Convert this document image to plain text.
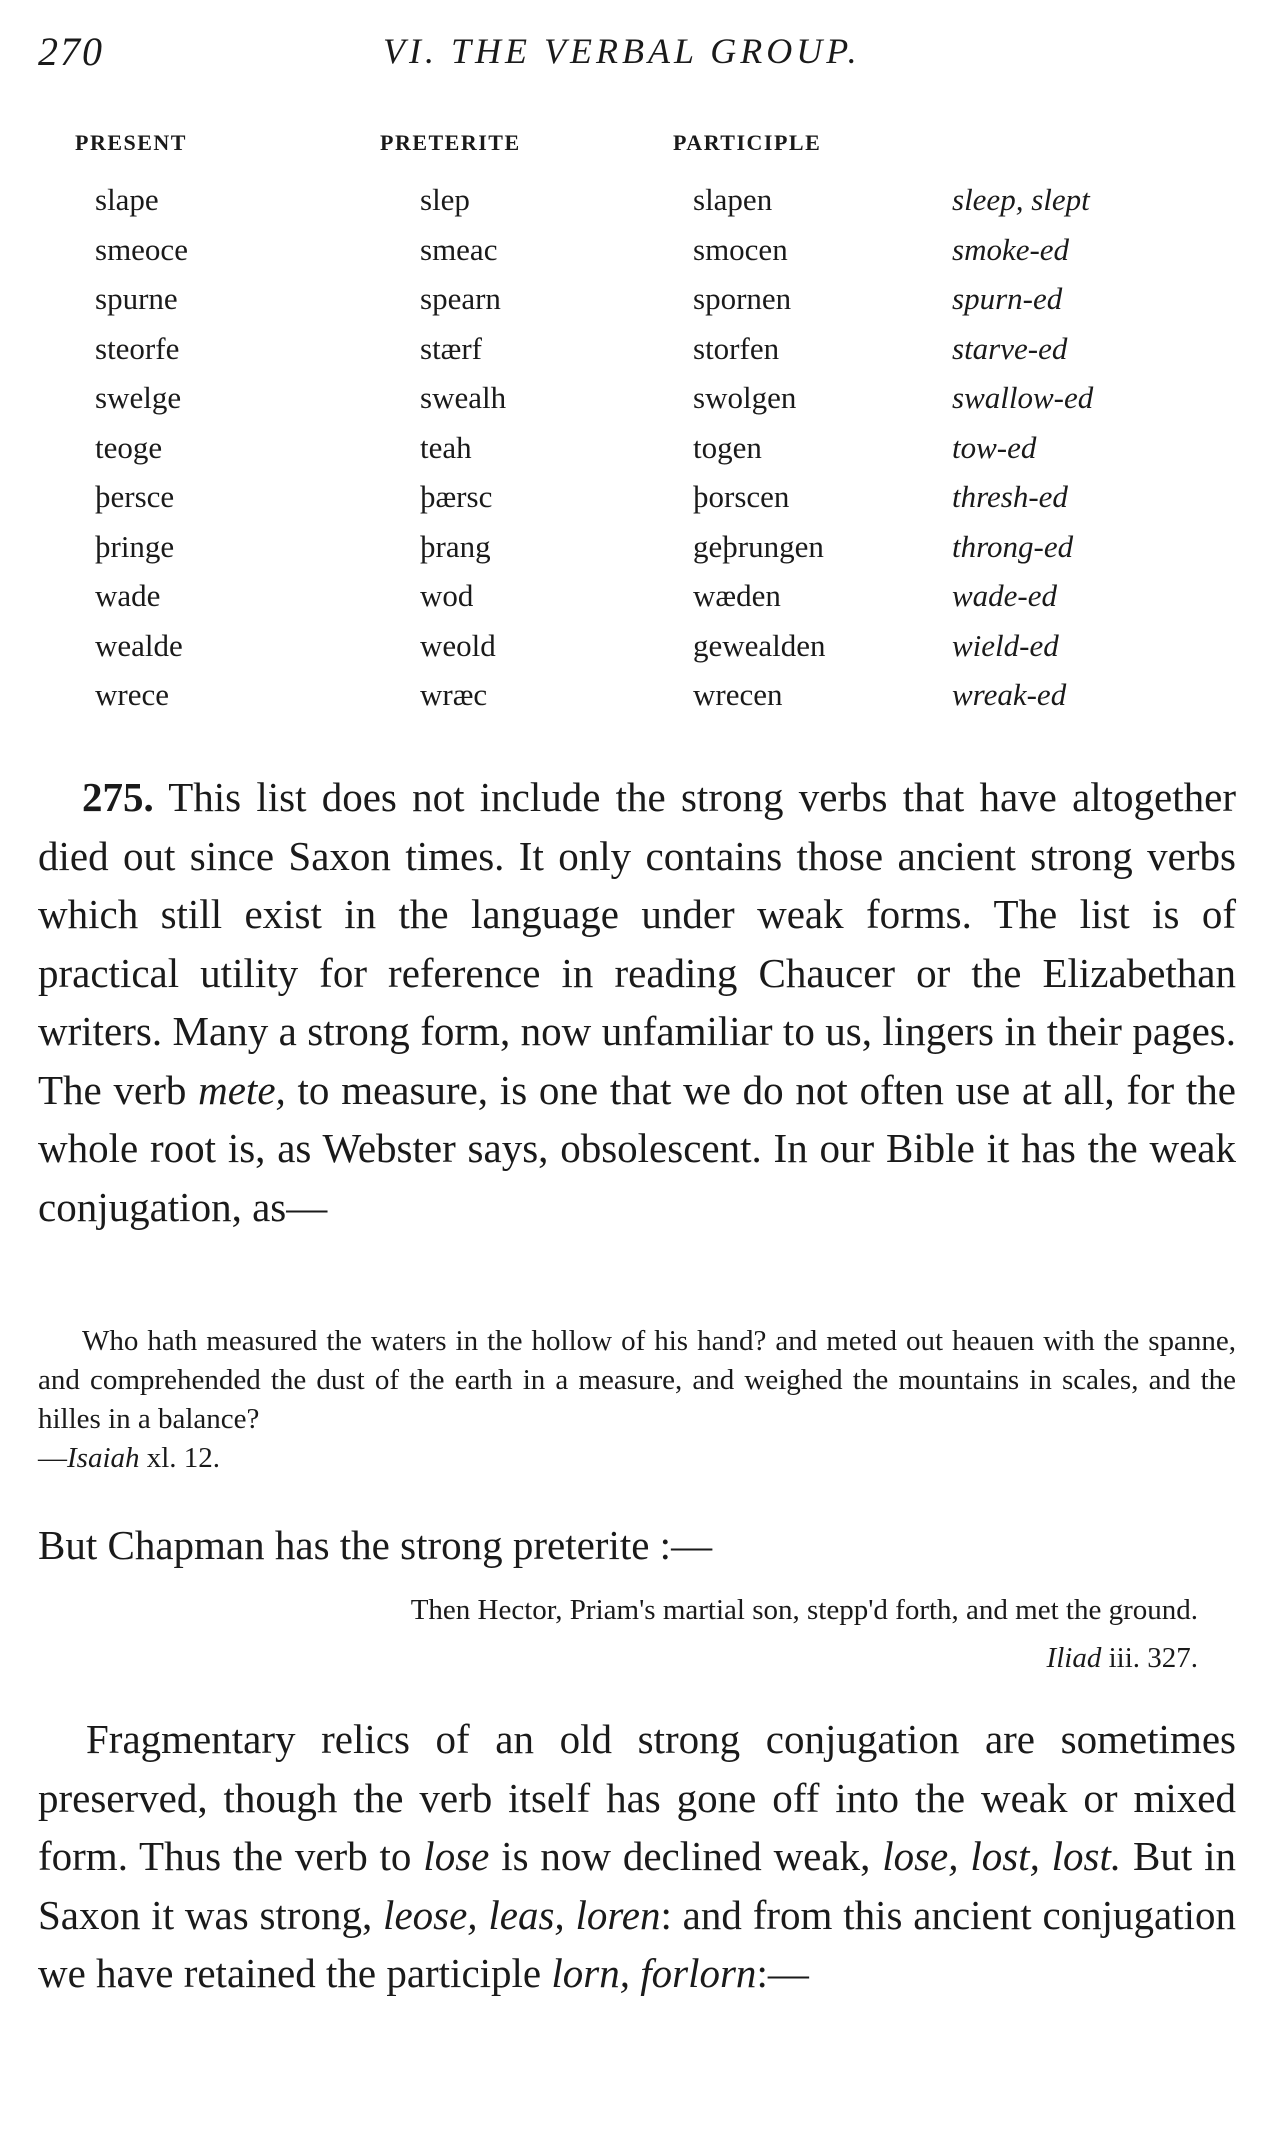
270	VI. THE VERBAL GROUP.
PRESENT	PRETERITE	PARTICIPLE
slape	slep	slapen	sleep, slept
smeoce	smeac	smocen	smoke-ed
spurne	spearn	spornen	spurn-ed
steorfe	stærf	storfen	starve-ed
swelge	swealh	swolgen	swallow-ed
teoge	teah	togen	tow-ed
þersce	þærsc	þorscen	thresh-ed
þringe	þrang	geþrungen	throng-ed
wade	wod	wæden	wade-ed
wealde	weold	gewealden	wield-ed
wrece	wræc	wrecen	wreak-ed

275. This list does not include the strong verbs that have altogether died out since Saxon times. It only contains those ancient strong verbs which still exist in the language under weak forms. The list is of practical utility for reference in reading Chaucer or the Elizabethan writers. Many a strong form, now unfamiliar to us, lingers in their pages. The verb mete, to measure, is one that we do not often use at all, for the whole root is, as Webster says, obsolescent. In our Bible it has the weak conjugation, as—

Who hath measured the waters in the hollow of his hand? and meted out heauen with the spanne, and comprehended the dust of the earth in a measure, and weighed the mountains in scales, and the hilles in a balance?
—Isaiah xl. 12.

But Chapman has the strong preterite :—

Then Hector, Priam's martial son, stepp'd forth, and met the ground.
Iliad iii. 327.

Fragmentary relics of an old strong conjugation are sometimes preserved, though the verb itself has gone off into the weak or mixed form. Thus the verb to lose is now declined weak, lose, lost, lost. But in Saxon it was strong, leose, leas, loren: and from this ancient conjugation we have retained the participle lorn, forlorn:—
